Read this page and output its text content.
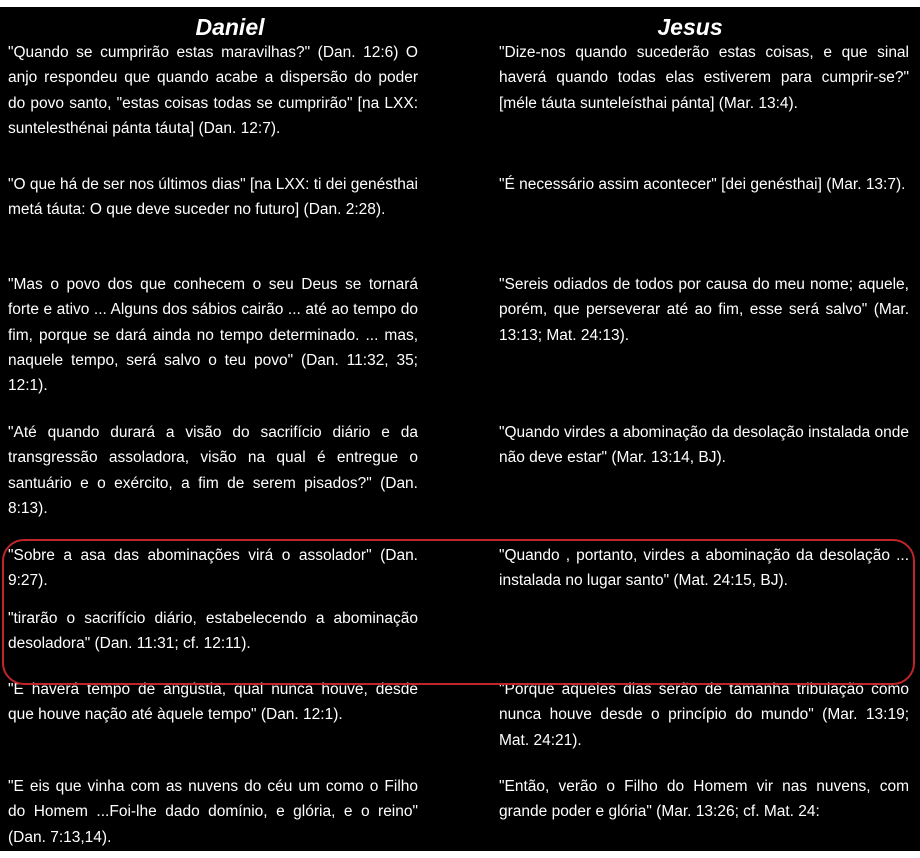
Daniel	Jesus

"Quando se cumprirão estas maravilhas?" (Dan. 12:6) O anjo respondeu que quando acabe a dispersão do poder do povo santo, "estas coisas todas se cumprirão" [na LXX: suntelesthénai pánta táuta] (Dan. 12:7).

"Dize-nos quando sucederão estas coisas, e que sinal haverá quando todas elas estiverem para cumprir-se?" [méle táuta sunteleísthai pánta] (Mar. 13:4).

"O que há de ser nos últimos dias" [na LXX: ti dei genésthai metá táuta: O que deve suceder no futuro] (Dan. 2:28).

"É necessário assim acontecer" [dei genésthai] (Mar. 13:7).

"Mas o povo dos que conhecem o seu Deus se tornará forte e ativo ... Alguns dos sábios cairão ... até ao tempo do fim, porque se dará ainda no tempo determinado. ... mas, naquele tempo, será salvo o teu povo" (Dan. 11:32, 35; 12:1).

"Sereis odiados de todos por causa do meu nome; aquele, porém, que perseverar até ao fim, esse será salvo" (Mar. 13:13; Mat. 24:13).

"Até quando durará a visão do sacrifício diário e da transgressão assoladora, visão na qual é entregue o santuário e o exército, a fim de serem pisados?" (Dan. 8:13).

"Quando virdes a abominação da desolação instalada onde não deve estar" (Mar. 13:14, BJ).

"Sobre a asa das abominações virá o assolador" (Dan. 9:27).

"tirarão o sacrifício diário, estabelecendo a abominação desoladora" (Dan. 11:31; cf. 12:11).

"Quando , portanto, virdes a abominação da desolação ... instalada no lugar santo" (Mat. 24:15, BJ).

"E haverá tempo de angústia, qual nunca houve, desde que houve nação até àquele tempo" (Dan. 12:1).

"Porque aqueles dias serão de tamanha tribulação como nunca houve desde o princípio do mundo" (Mar. 13:19; Mat. 24:21).

"E eis que vinha com as nuvens do céu um como o Filho do Homem ...Foi-lhe dado domínio, e glória, e o reino" (Dan. 7:13,14).

"Então, verão o Filho do Homem vir nas nuvens, com grande poder e glória" (Mar. 13:26; cf. Mat. 24:
